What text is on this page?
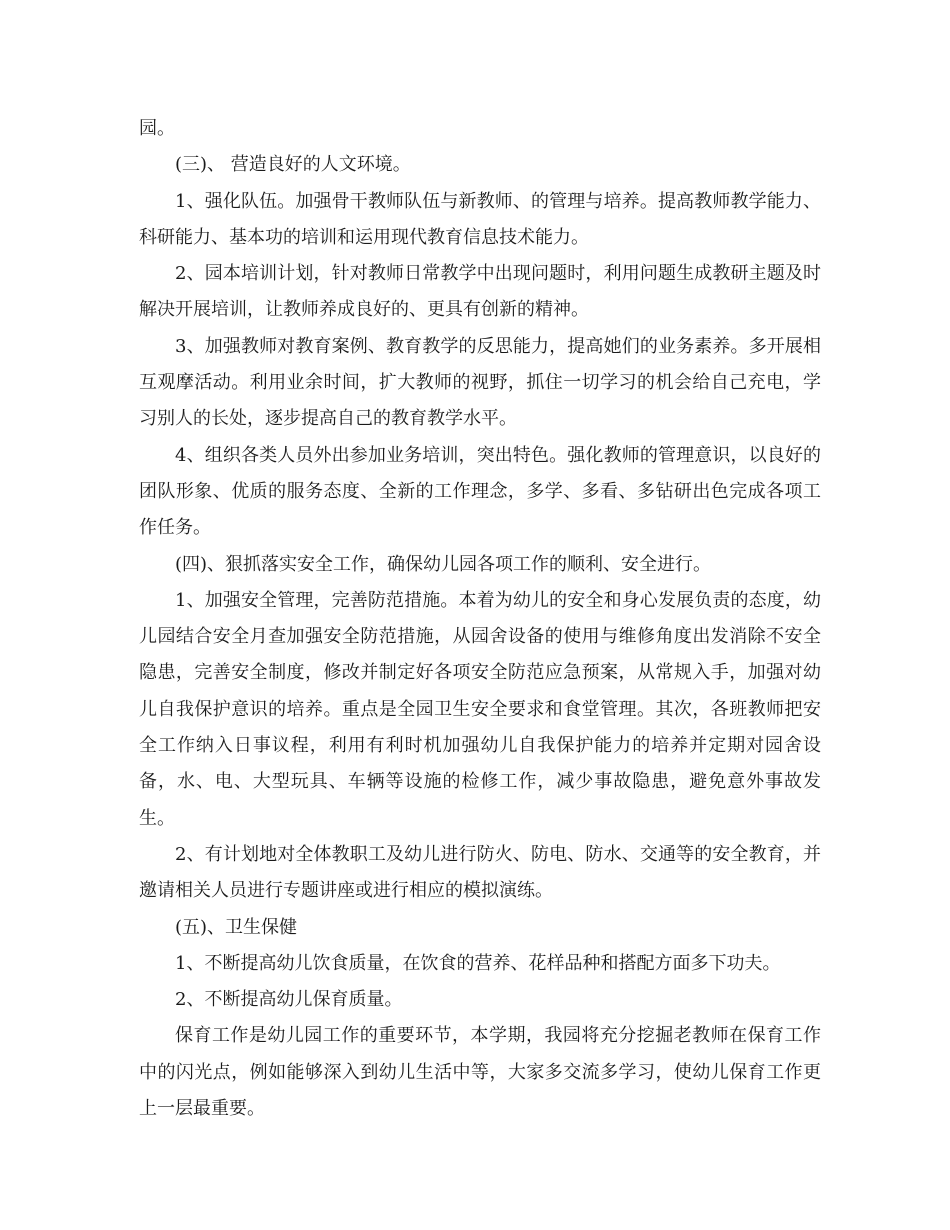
园。

(三)、 营造良好的人文环境。

1、强化队伍。加强骨干教师队伍与新教师、的管理与培养。提高教师教学能力、科研能力、基本功的培训和运用现代教育信息技术能力。

2、园本培训计划，针对教师日常教学中出现问题时，利用问题生成教研主题及时解决开展培训，让教师养成良好的、更具有创新的精神。

3、加强教师对教育案例、教育教学的反思能力，提高她们的业务素养。多开展相互观摩活动。利用业余时间，扩大教师的视野，抓住一切学习的机会给自己充电，学习别人的长处，逐步提高自己的教育教学水平。

4、组织各类人员外出参加业务培训，突出特色。强化教师的管理意识，以良好的团队形象、优质的服务态度、全新的工作理念，多学、多看、多钻研出色完成各项工作任务。

(四)、狠抓落实安全工作，确保幼儿园各项工作的顺利、安全进行。

1、加强安全管理，完善防范措施。本着为幼儿的安全和身心发展负责的态度，幼儿园结合安全月查加强安全防范措施，从园舍设备的使用与维修角度出发消除不安全隐患，完善安全制度，修改并制定好各项安全防范应急预案，从常规入手，加强对幼儿自我保护意识的培养。重点是全园卫生安全要求和食堂管理。其次，各班教师把安全工作纳入日事议程，利用有利时机加强幼儿自我保护能力的培养并定期对园舍设备，水、电、大型玩具、车辆等设施的检修工作，减少事故隐患，避免意外事故发生。

2、有计划地对全体教职工及幼儿进行防火、防电、防水、交通等的安全教育，并邀请相关人员进行专题讲座或进行相应的模拟演练。

(五)、卫生保健

1、不断提高幼儿饮食质量，在饮食的营养、花样品种和搭配方面多下功夫。

2、不断提高幼儿保育质量。

保育工作是幼儿园工作的重要环节，本学期，我园将充分挖掘老教师在保育工作中的闪光点，例如能够深入到幼儿生活中等，大家多交流多学习，使幼儿保育工作更上一层最重要。
